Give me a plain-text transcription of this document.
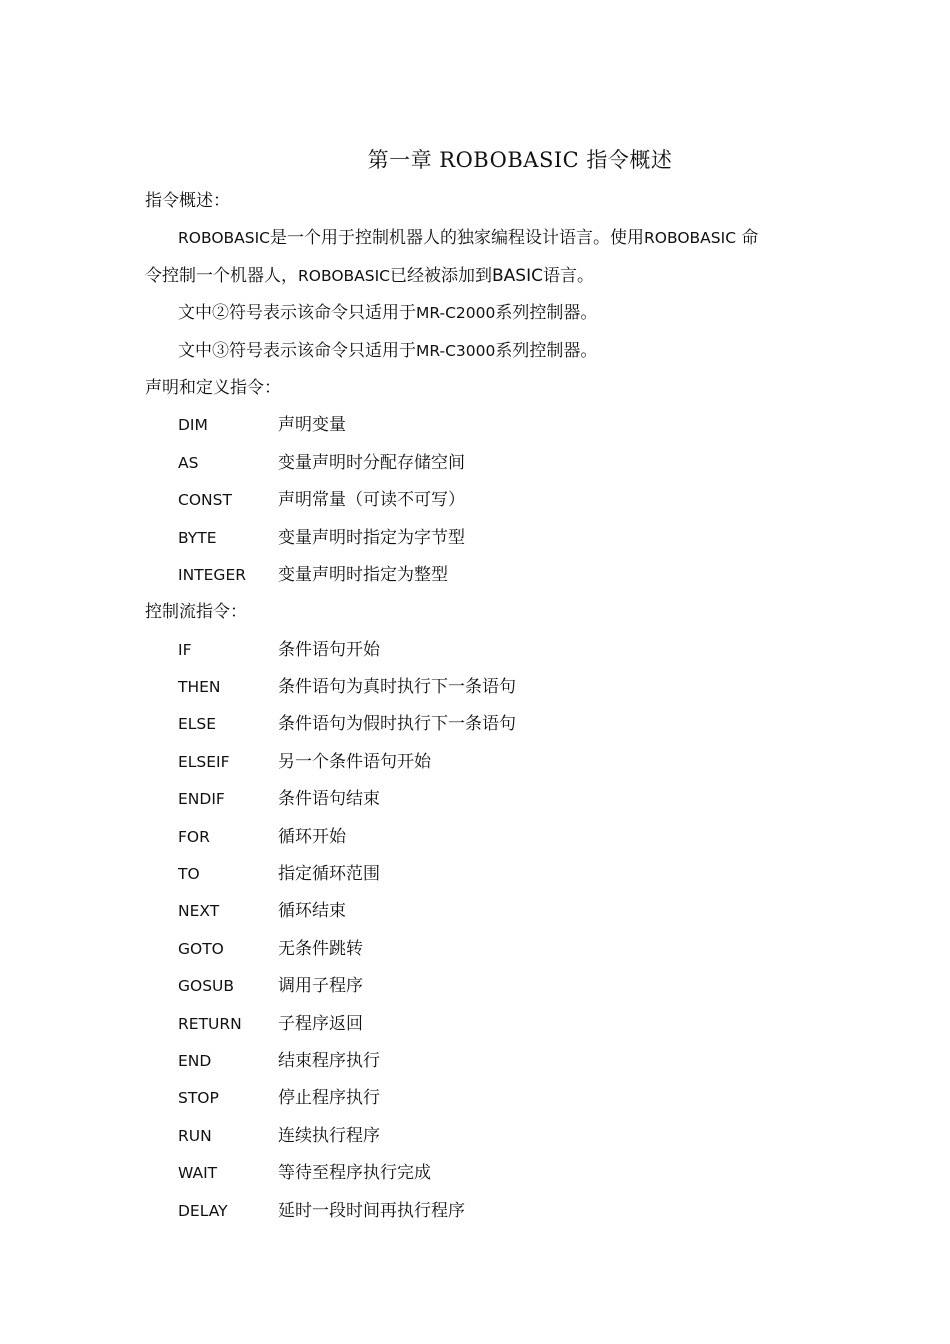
第一章 ROBOBASIC 指令概述
指令概述：
ROBOBASIC是一个用于控制机器人的独家编程设计语言。使用ROBOBASIC 命
令控制一个机器人，ROBOBASIC已经被添加到BASIC语言。
文中②符号表示该命令只适用于MR-C2000系列控制器。
文中③符号表示该命令只适用于MR-C3000系列控制器。
声明和定义指令：
DIM	声明变量
AS	变量声明时分配存储空间
CONST	声明常量（可读不可写）
BYTE	变量声明时指定为字节型
INTEGER	变量声明时指定为整型
控制流指令：
IF	条件语句开始
THEN	条件语句为真时执行下一条语句
ELSE	条件语句为假时执行下一条语句
ELSEIF	另一个条件语句开始
ENDIF	条件语句结束
FOR	循环开始
TO	指定循环范围
NEXT	循环结束
GOTO	无条件跳转
GOSUB	调用子程序
RETURN	子程序返回
END	结束程序执行
STOP	停止程序执行
RUN	连续执行程序
WAIT	等待至程序执行完成
DELAY	延时一段时间再执行程序
